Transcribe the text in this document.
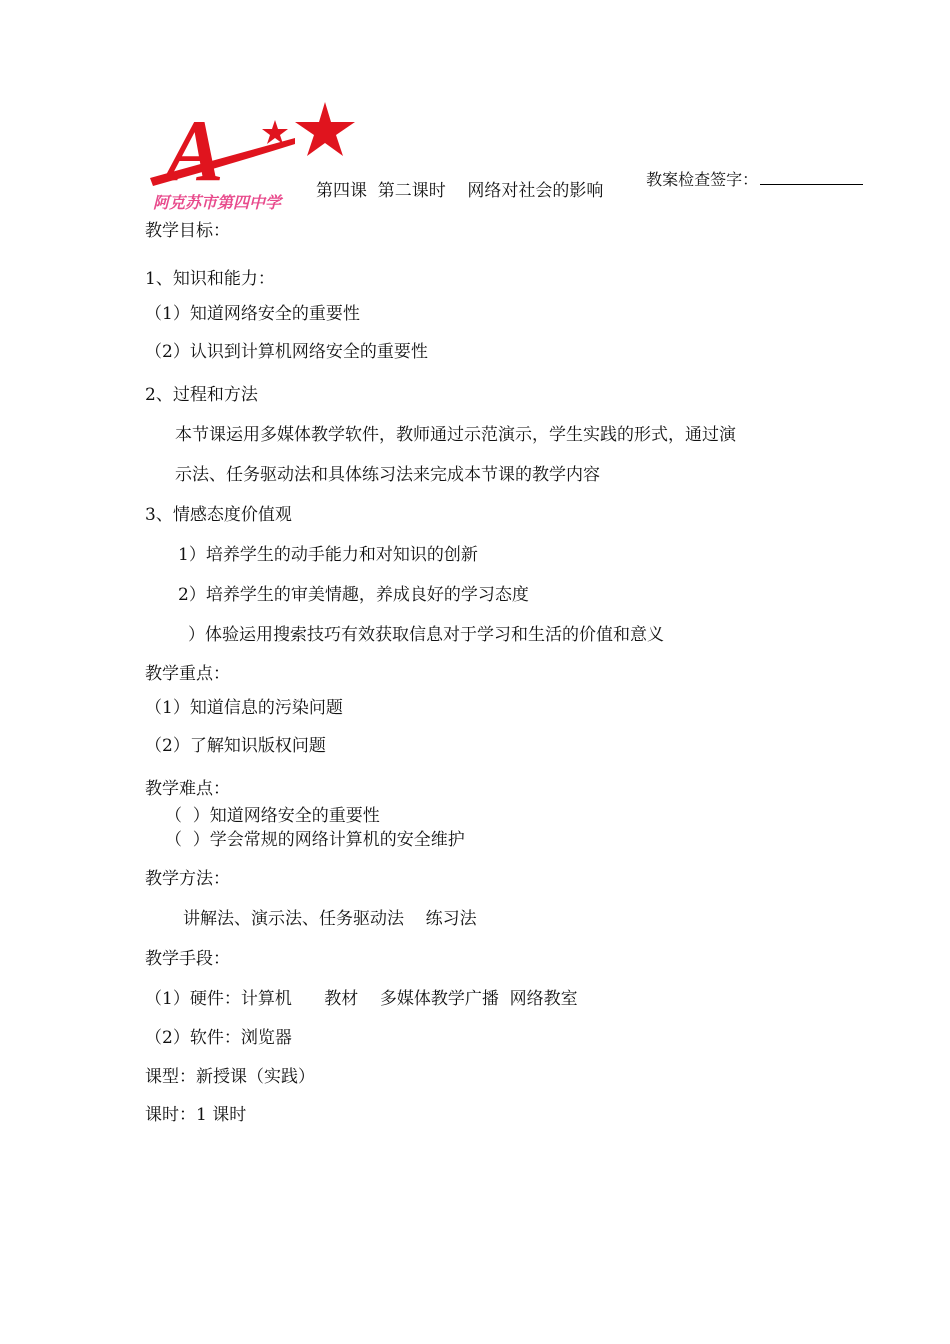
A
阿克苏市第四中学

教案检查签字：

第四课  第二课时    网络对社会的影响
教学目标：
1、知识和能力：
（1）知道网络安全的重要性
（2）认识到计算机网络安全的重要性
2、过程和方法
本节课运用多媒体教学软件，教师通过示范演示，学生实践的形式，通过演
示法、任务驱动法和具体练习法来完成本节课的教学内容
3、情感态度价值观
1）培养学生的动手能力和对知识的创新
2）培养学生的审美情趣，养成良好的学习态度
）体验运用搜索技巧有效获取信息对于学习和生活的价值和意义
教学重点：
（1）知道信息的污染问题
（2）了解知识版权问题
教学难点：
（  ）知道网络安全的重要性
（  ）学会常规的网络计算机的安全维护
教学方法：
讲解法、演示法、任务驱动法    练习法
教学手段：
（1）硬件：计算机      教材    多媒体教学广播  网络教室
（2）软件：浏览器
课型：新授课（实践）
课时：1 课时
